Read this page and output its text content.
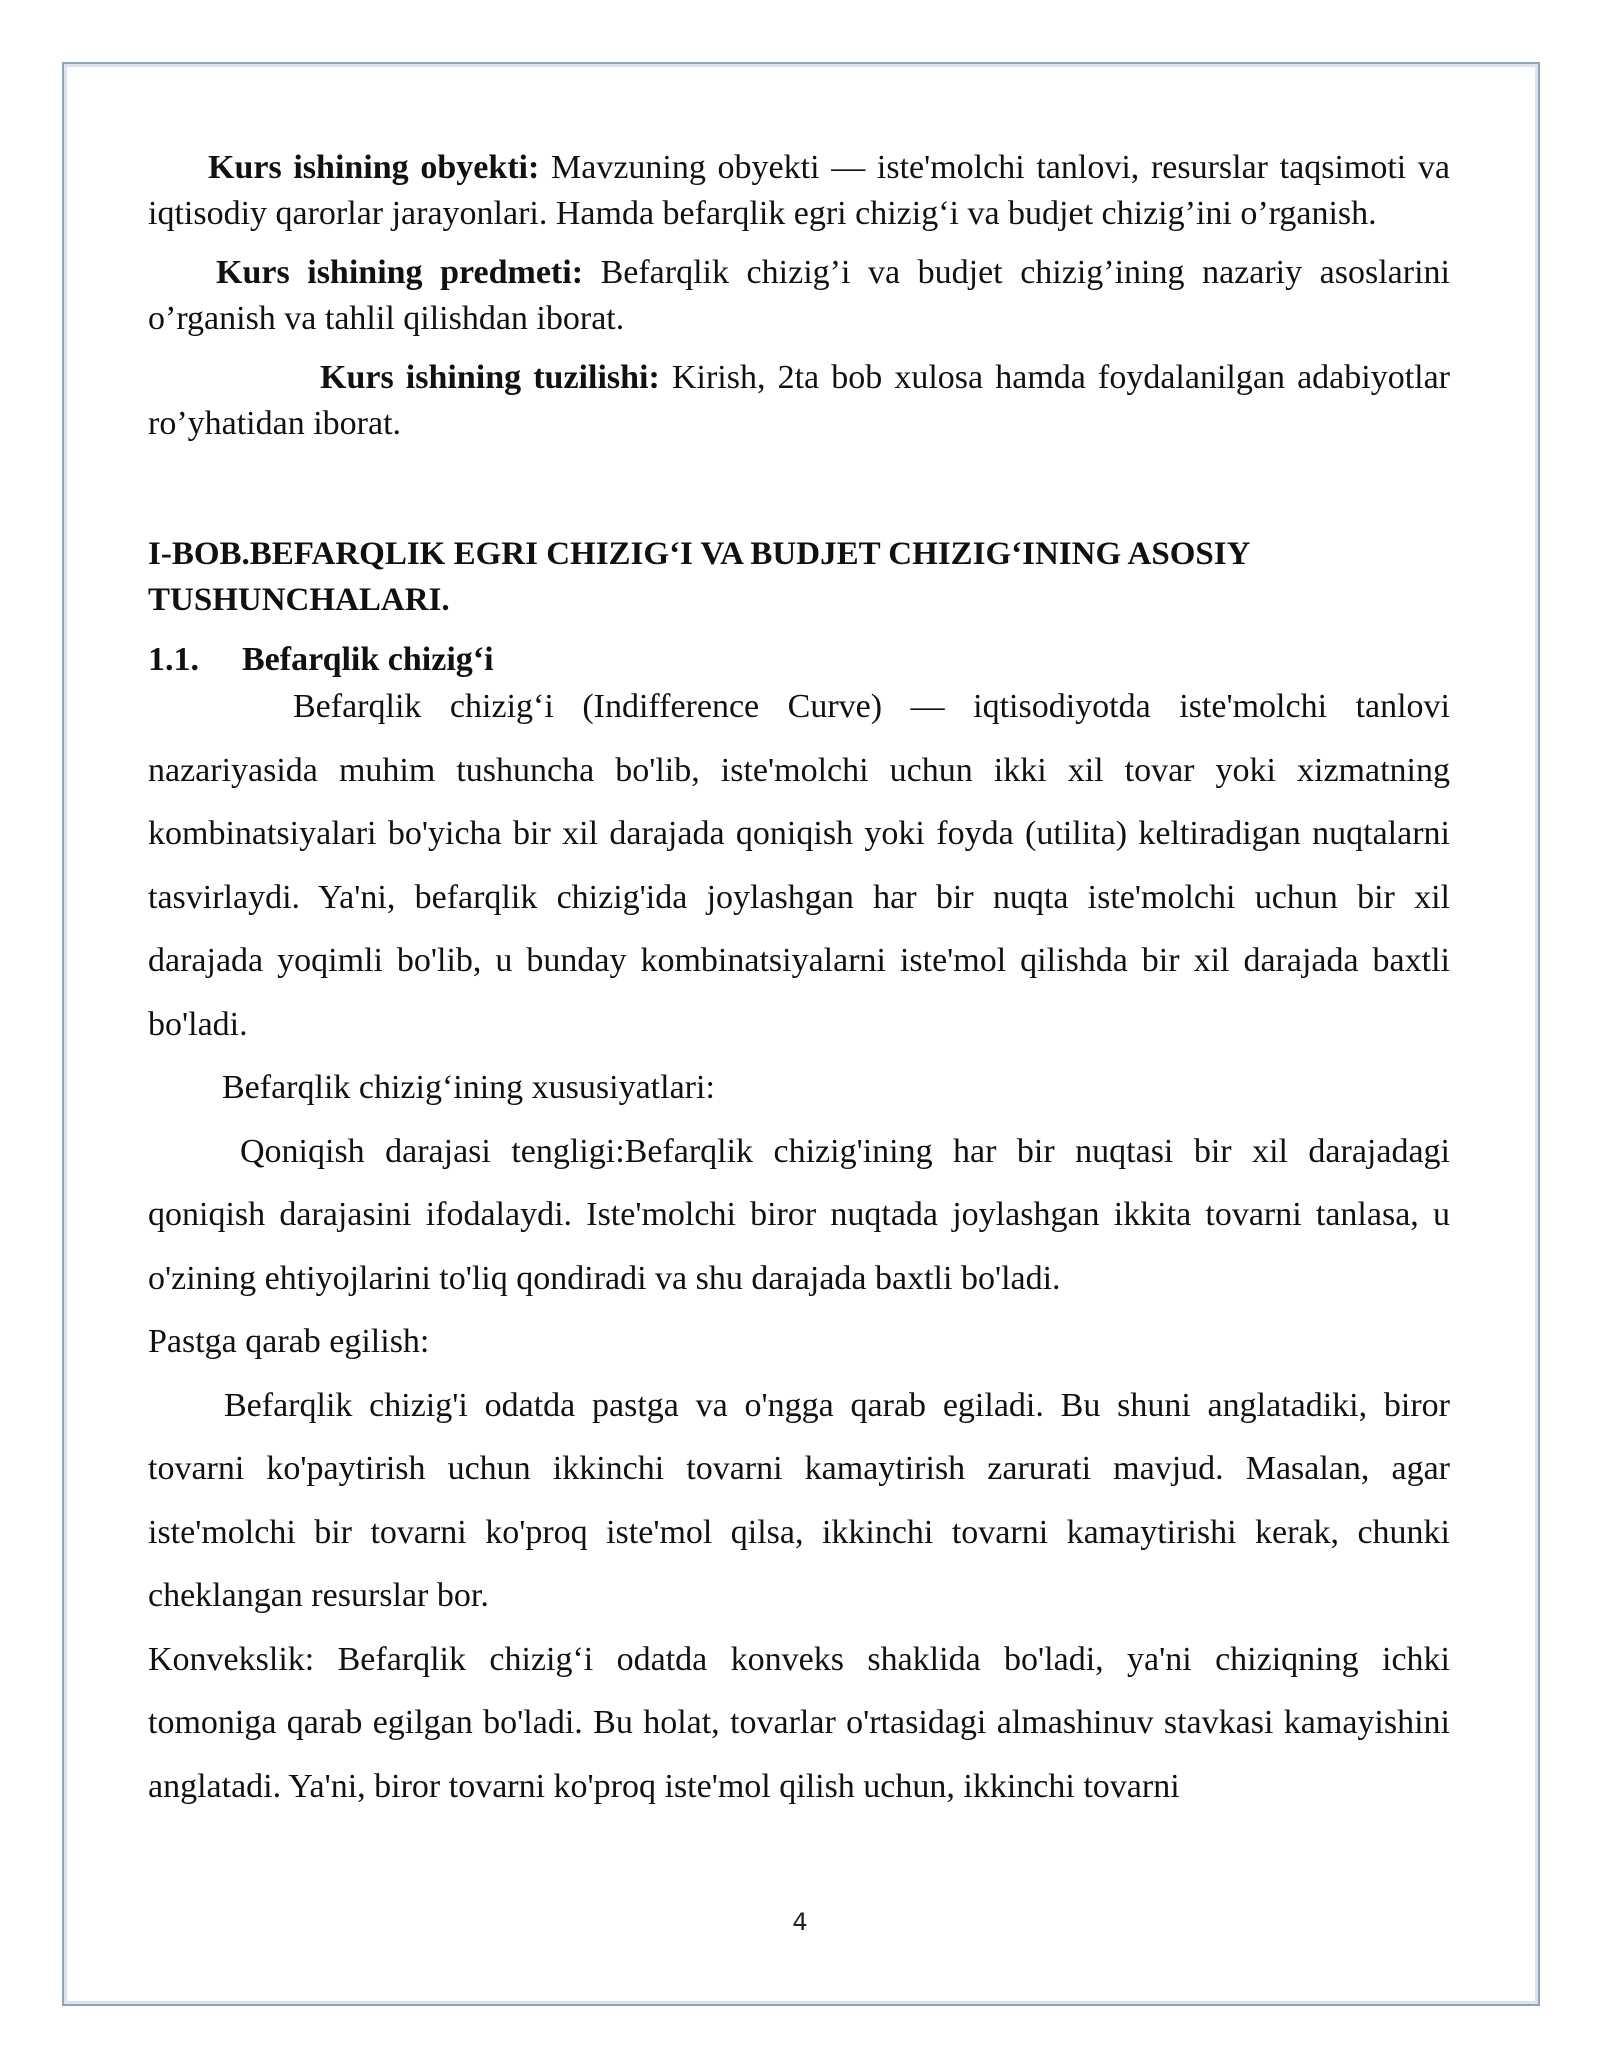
Kurs ishining obyekti: Mavzuning obyekti — iste'molchi tanlovi, resurslar taqsimoti va iqtisodiy qarorlar jarayonlari. Hamda befarqlik egri chizig‘i va budjet chizig’ini o’rganish.

Kurs ishining predmeti: Befarqlik chizig’i va budjet chizig’ining nazariy asoslarini o’rganish va tahlil qilishdan iborat.

Kurs ishining tuzilishi: Kirish, 2ta bob xulosa hamda foydalanilgan adabiyotlar ro’yhatidan iborat.

I-BOB.BEFARQLIK EGRI CHIZIG‘I VA BUDJET CHIZIG‘INING ASOSIY TUSHUNCHALARI.
1.1.	Befarqlik chizig‘i

Befarqlik chizig‘i (Indifference Curve) — iqtisodiyotda iste'molchi tanlovi nazariyasida muhim tushuncha bo'lib, iste'molchi uchun ikki xil tovar yoki xizmatning kombinatsiyalari bo'yicha bir xil darajada qoniqish yoki foyda (utilita) keltiradigan nuqtalarni tasvirlaydi. Ya'ni, befarqlik chizig'ida joylashgan har bir nuqta iste'molchi uchun bir xil darajada yoqimli bo'lib, u bunday kombinatsiyalarni iste'mol qilishda bir xil darajada baxtli bo'ladi.

Befarqlik chizig‘ining xususiyatlari:

Qoniqish darajasi tengligi:Befarqlik chizig'ining har bir nuqtasi bir xil darajadagi qoniqish darajasini ifodalaydi. Iste'molchi biror nuqtada joylashgan ikkita tovarni tanlasa, u o'zining ehtiyojlarini to'liq qondiradi va shu darajada baxtli bo'ladi.

Pastga qarab egilish:

Befarqlik chizig'i odatda pastga va o'ngga qarab egiladi. Bu shuni anglatadiki, biror tovarni ko'paytirish uchun ikkinchi tovarni kamaytirish zarurati mavjud. Masalan, agar iste'molchi bir tovarni ko'proq iste'mol qilsa, ikkinchi tovarni kamaytirishi kerak, chunki cheklangan resurslar bor.

Konvekslik: Befarqlik chizig‘i odatda konveks shaklida bo'ladi, ya'ni chiziqning ichki tomoniga qarab egilgan bo'ladi. Bu holat, tovarlar o'rtasidagi almashinuv stavkasi kamayishini anglatadi. Ya'ni, biror tovarni ko'proq iste'mol qilish uchun, ikkinchi tovarni

4
